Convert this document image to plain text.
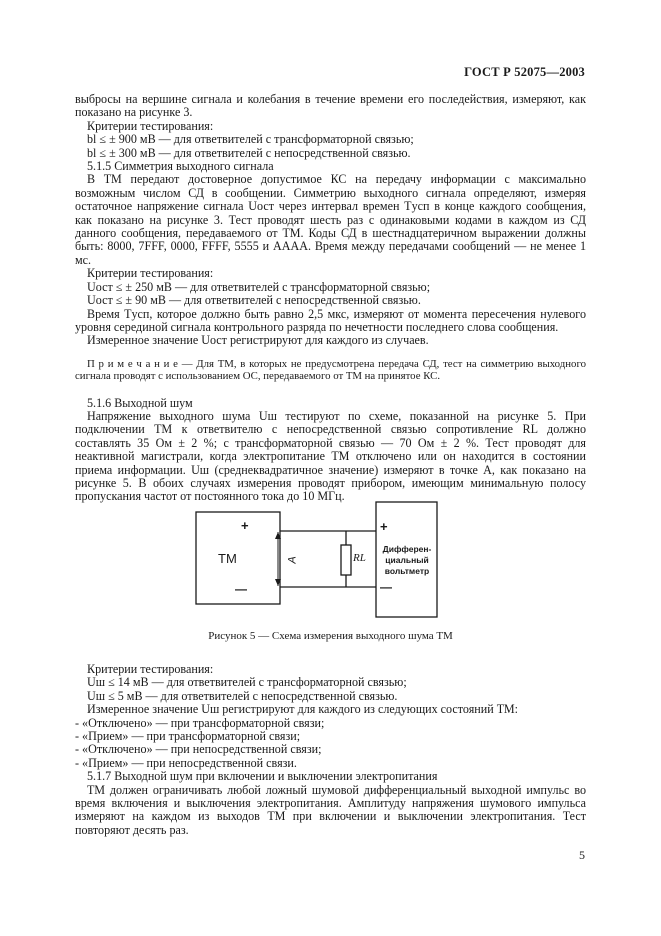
ГОСТ Р 52075—2003

выбросы на вершине сигнала и колебания в течение времени его последействия, измеряют, как показано на рисунке 3.

Критерии тестирования:

bl ≤ ± 900 мВ — для ответвителей с трансформаторной связью;

bl ≤ ± 300 мВ — для ответвителей с непосредственной связью.

5.1.5 Симметрия выходного сигнала

В ТМ передают достоверное допустимое КС на передачу информации с максимально возможным числом СД в сообщении. Симметрию выходного сигнала определяют, измеряя остаточное напряжение сигнала Uост через интервал времен Tусп в конце каждого сообщения, как показано на рисунке 3. Тест проводят шесть раз с одинаковыми кодами в каждом из СД данного сообщения, передаваемого от ТМ. Коды СД в шестнадцатеричном выражении должны быть: 8000, 7FFF, 0000, FFFF, 5555 и AAAA. Время между передачами сообщений — не менее 1 мс.

Критерии тестирования:

Uост ≤ ± 250 мВ — для ответвителей с трансформаторной связью;

Uост ≤ ± 90 мВ — для ответвителей с непосредственной связью.

Время Tусп, которое должно быть равно 2,5 мкс, измеряют от момента пересечения нулевого уровня серединой сигнала контрольного разряда по нечетности последнего слова сообщения.

Измеренное значение Uост регистрируют для каждого из случаев.

П р и м е ч а н и е — Для ТМ, в которых не предусмотрена передача СД, тест на симметрию выходного сигнала проводят с использованием ОС, передаваемого от ТМ на принятое КС.

5.1.6 Выходной шум

Напряжение выходного шума Uш тестируют по схеме, показанной на рисунке 5. При подключении ТМ к ответвителю с непосредственной связью сопротивление RL должно составлять 35 Ом ± 2 %; с трансформаторной связью — 70 Ом ± 2 %. Тест проводят для неактивной магистрали, когда электропитание ТМ отключено или он находится в состоянии приема информации. Uш (среднеквадратичное значение) измеряют в точке A, как показано на рисунке 5. В обоих случаях измерения проводят прибором, имеющим минимальную полосу пропускания частот от постоянного тока до 10 МГц.

+
—
ТМ	A	RL
+
—
Дифферен-
циальный
вольтметр
Рисунок 5 — Схема измерения выходного шума ТМ

Критерии тестирования:

Uш ≤ 14 мВ — для ответвителей с трансформаторной связью;

Uш ≤ 5 мВ — для ответвителей с непосредственной связью.

Измеренное значение Uш регистрируют для каждого из следующих состояний ТМ:

- «Отключено» — при трансформаторной связи;

- «Прием» — при трансформаторной связи;

- «Отключено» — при непосредственной связи;

- «Прием» — при непосредственной связи.

5.1.7 Выходной шум при включении и выключении электропитания

ТМ должен ограничивать любой ложный шумовой дифференциальный выходной импульс во время включения и выключения электропитания. Амплитуду напряжения шумового импульса измеряют на каждом из выходов ТМ при включении и выключении электропитания. Тест повторяют десять раз.

5
